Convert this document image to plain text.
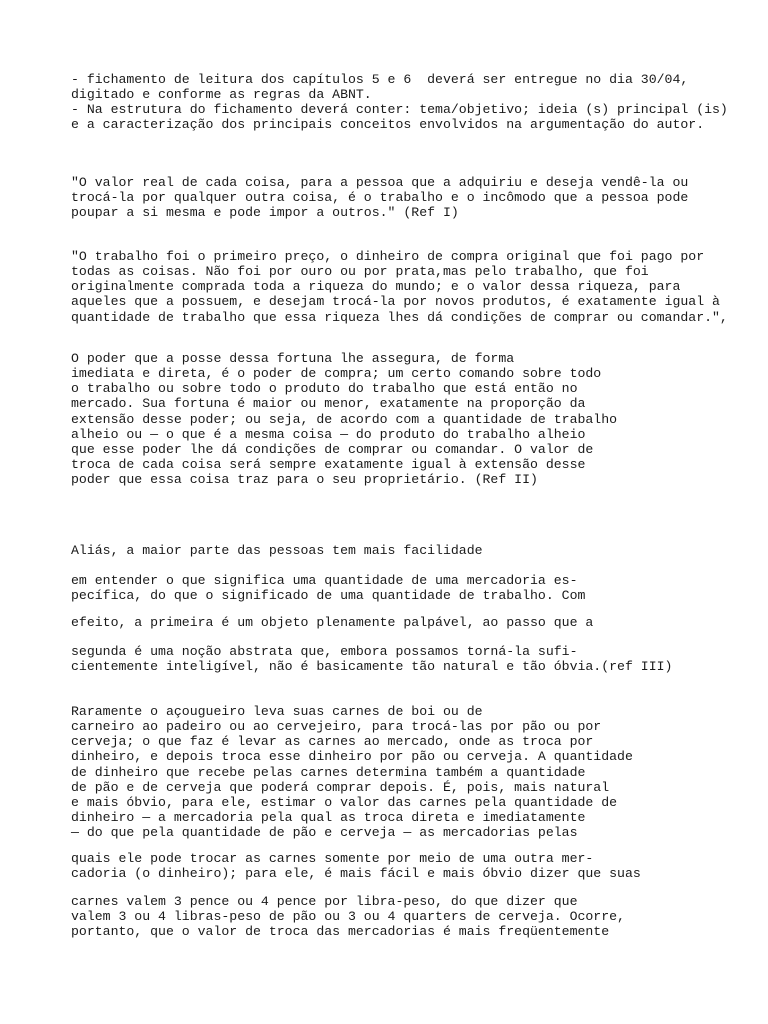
- fichamento de leitura dos capítulos 5 e 6  deverá ser entregue no dia 30/04,
digitado e conforme as regras da ABNT.
- Na estrutura do fichamento deverá conter: tema/objetivo; ideia (s) principal (is)
e a caracterização dos principais conceitos envolvidos na argumentação do autor.

"O valor real de cada coisa, para a pessoa que a adquiriu e deseja vendê-la ou
trocá-la por qualquer outra coisa, é o trabalho e o incômodo que a pessoa pode
poupar a si mesma e pode impor a outros." (Ref I)

"O trabalho foi o primeiro preço, o dinheiro de compra original que foi pago por
todas as coisas. Não foi por ouro ou por prata,mas pelo trabalho, que foi
originalmente comprada toda a riqueza do mundo; e o valor dessa riqueza, para
aqueles que a possuem, e desejam trocá-la por novos produtos, é exatamente igual à
quantidade de trabalho que essa riqueza lhes dá condições de comprar ou comandar.",

O poder que a posse dessa fortuna lhe assegura, de forma
imediata e direta, é o poder de compra; um certo comando sobre todo
o trabalho ou sobre todo o produto do trabalho que está então no
mercado. Sua fortuna é maior ou menor, exatamente na proporção da
extensão desse poder; ou seja, de acordo com a quantidade de trabalho
alheio ou — o que é a mesma coisa — do produto do trabalho alheio
que esse poder lhe dá condições de comprar ou comandar. O valor de
troca de cada coisa será sempre exatamente igual à extensão desse
poder que essa coisa traz para o seu proprietário. (Ref II)

Aliás, a maior parte das pessoas tem mais facilidade

em entender o que significa uma quantidade de uma mercadoria es-
pecífica, do que o significado de uma quantidade de trabalho. Com

efeito, a primeira é um objeto plenamente palpável, ao passo que a

segunda é uma noção abstrata que, embora possamos torná-la sufi-
cientemente inteligível, não é basicamente tão natural e tão óbvia.(ref III)

Raramente o açougueiro leva suas carnes de boi ou de
carneiro ao padeiro ou ao cervejeiro, para trocá-las por pão ou por
cerveja; o que faz é levar as carnes ao mercado, onde as troca por
dinheiro, e depois troca esse dinheiro por pão ou cerveja. A quantidade
de dinheiro que recebe pelas carnes determina também a quantidade
de pão e de cerveja que poderá comprar depois. É, pois, mais natural
e mais óbvio, para ele, estimar o valor das carnes pela quantidade de
dinheiro — a mercadoria pela qual as troca direta e imediatamente
— do que pela quantidade de pão e cerveja — as mercadorias pelas

quais ele pode trocar as carnes somente por meio de uma outra mer-
cadoria (o dinheiro); para ele, é mais fácil e mais óbvio dizer que suas

carnes valem 3 pence ou 4 pence por libra-peso, do que dizer que
valem 3 ou 4 libras-peso de pão ou 3 ou 4 quarters de cerveja. Ocorre,
portanto, que o valor de troca das mercadorias é mais freqüentemente
